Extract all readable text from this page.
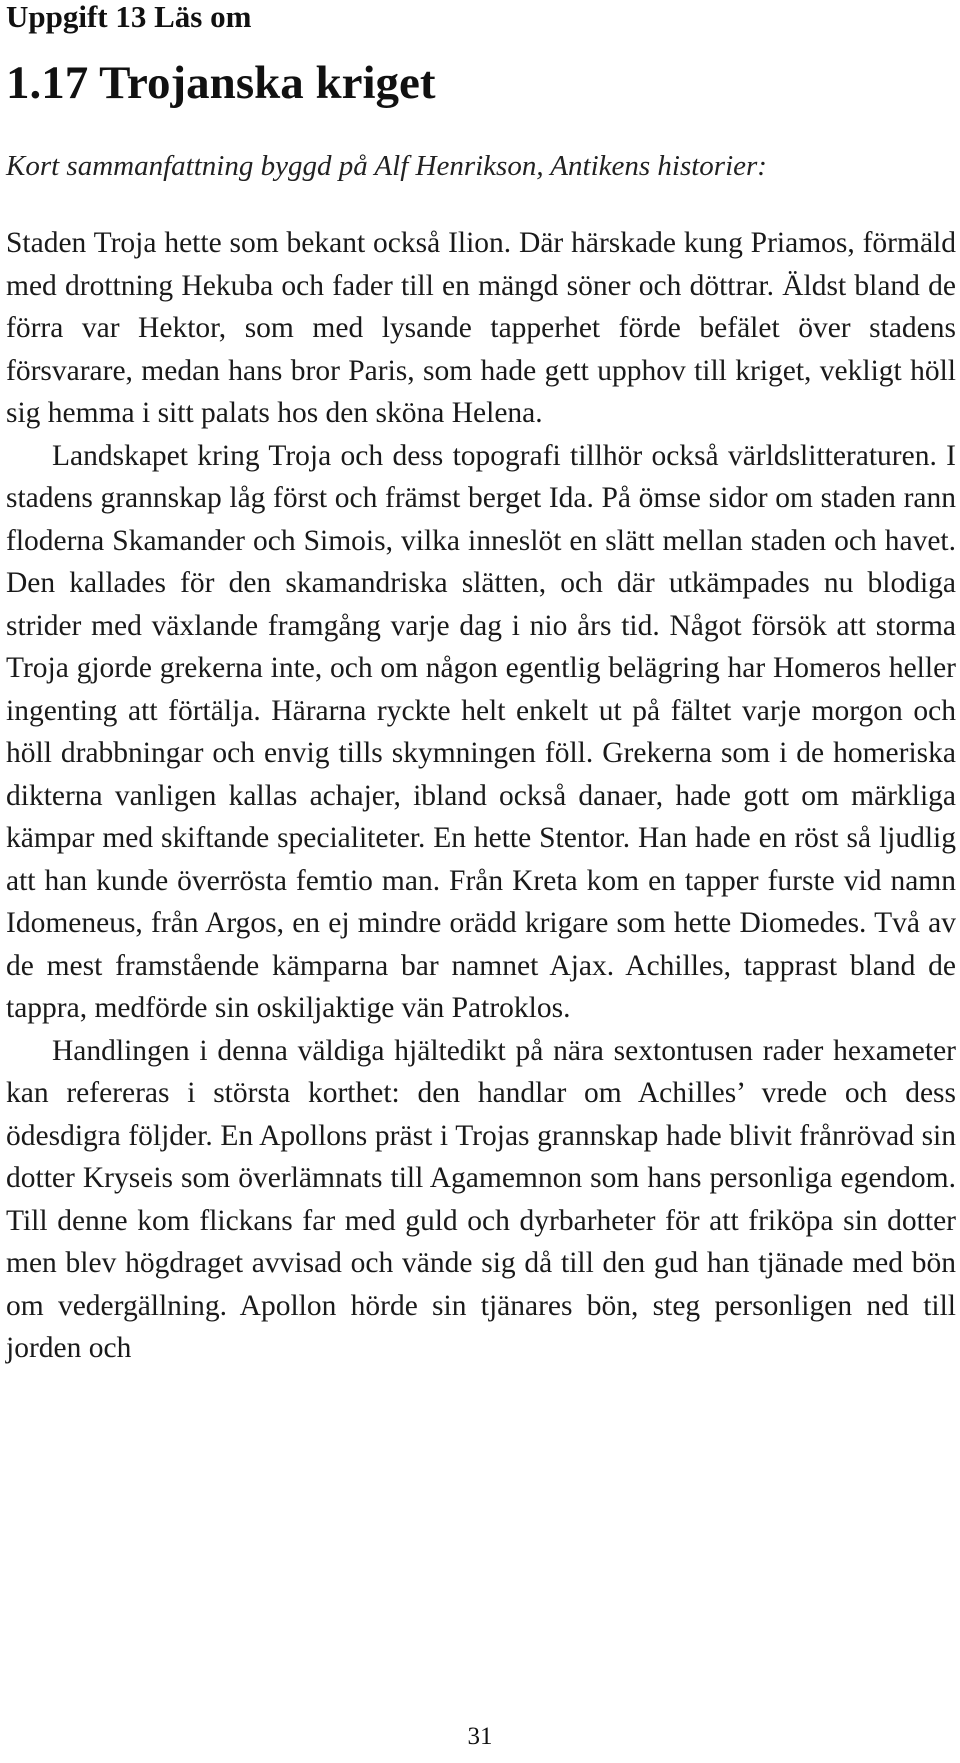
Uppgift 13 Läs om
1.17 Trojanska kriget

Kort sammanfattning byggd på Alf Henrikson, Antikens historier:

Staden Troja hette som bekant också Ilion. Där härskade kung Priamos, förmäld med drottning Hekuba och fader till en mängd söner och döttrar. Äldst bland de förra var Hektor, som med lysande tapperhet förde befälet över stadens försvarare, medan hans bror Paris, som hade gett upphov till kriget, vekligt höll sig hemma i sitt palats hos den sköna Helena.

Landskapet kring Troja och dess topografi tillhör också världslitteraturen. I stadens grannskap låg först och främst berget Ida. På ömse sidor om staden rann floderna Skamander och Simois, vilka inneslöt en slätt mellan staden och havet. Den kallades för den skamandriska slätten, och där utkämpades nu blodiga strider med växlande framgång varje dag i nio års tid. Något försök att storma Troja gjorde grekerna inte, och om någon egentlig belägring har Homeros heller ingenting att förtälja. Härarna ryckte helt enkelt ut på fältet varje morgon och höll drabbningar och envig tills skymningen föll. Grekerna som i de homeriska dikterna vanligen kallas achajer, ibland också danaer, hade gott om märkliga kämpar med skiftande specialiteter. En hette Stentor. Han hade en röst så ljudlig att han kunde överrösta femtio man. Från Kreta kom en tapper furste vid namn Idomeneus, från Argos, en ej mindre orädd krigare som hette Diomedes. Två av de mest framstående kämparna bar namnet Ajax. Achilles, tapprast bland de tappra, medförde sin oskiljaktige vän Patroklos.

Handlingen i denna väldiga hjältedikt på nära sextontusen rader hexameter kan refereras i största korthet: den handlar om Achilles’ vrede och dess ödesdigra följder. En Apollons präst i Trojas grannskap hade blivit frånrövad sin dotter Kryseis som överlämnats till Agamemnon som hans personliga egendom. Till denne kom flickans far med guld och dyrbarheter för att friköpa sin dotter men blev högdraget avvisad och vände sig då till den gud han tjänade med bön om vedergällning. Apollon hörde sin tjänares bön, steg personligen ned till jorden och

31
